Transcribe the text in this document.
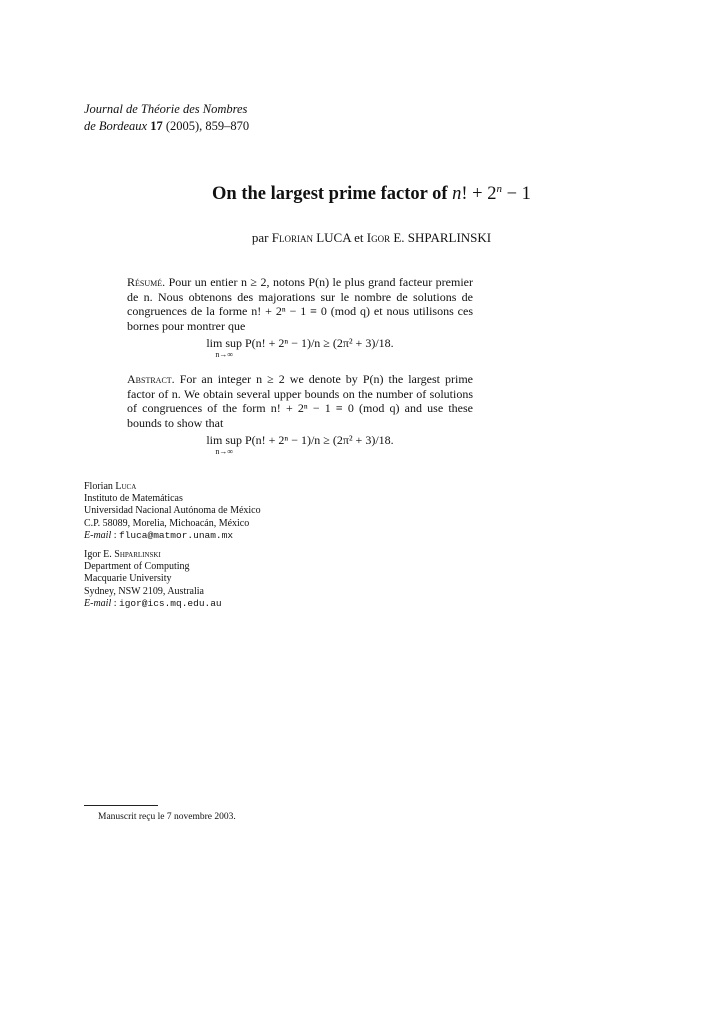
Journal de Théorie des Nombres
de Bordeaux 17 (2005), 859–870
On the largest prime factor of n! + $2^n - 1$
par Florian LUCA et Igor E. SHPARLINSKI
Résumé. Pour un entier n ≥ 2, notons P(n) le plus grand facteur premier de n. Nous obtenons des majorations sur le nombre de solutions de congruences de la forme n! + 2ⁿ − 1 ≡ 0 (mod q) et nous utilisons ces bornes pour montrer que
lim sup
n→∞
P(n! + 2ⁿ − 1)/n ≥ (2π² + 3)/18.
Abstract. For an integer n ≥ 2 we denote by P(n) the largest prime factor of n. We obtain several upper bounds on the number of solutions of congruences of the form n! + 2ⁿ − 1 ≡ 0 (mod q) and use these bounds to show that
lim sup
n→∞
P(n! + 2ⁿ − 1)/n ≥ (2π² + 3)/18.
Florian Luca
Instituto de Matemáticas
Universidad Nacional Autónoma de México
C.P. 58089, Morelia, Michoacán, México
E-mail : fluca@matmor.unam.mx
Igor E. Shparlinski
Department of Computing
Macquarie University
Sydney, NSW 2109, Australia
E-mail : igor@ics.mq.edu.au
Manuscrit reçu le 7 novembre 2003.
